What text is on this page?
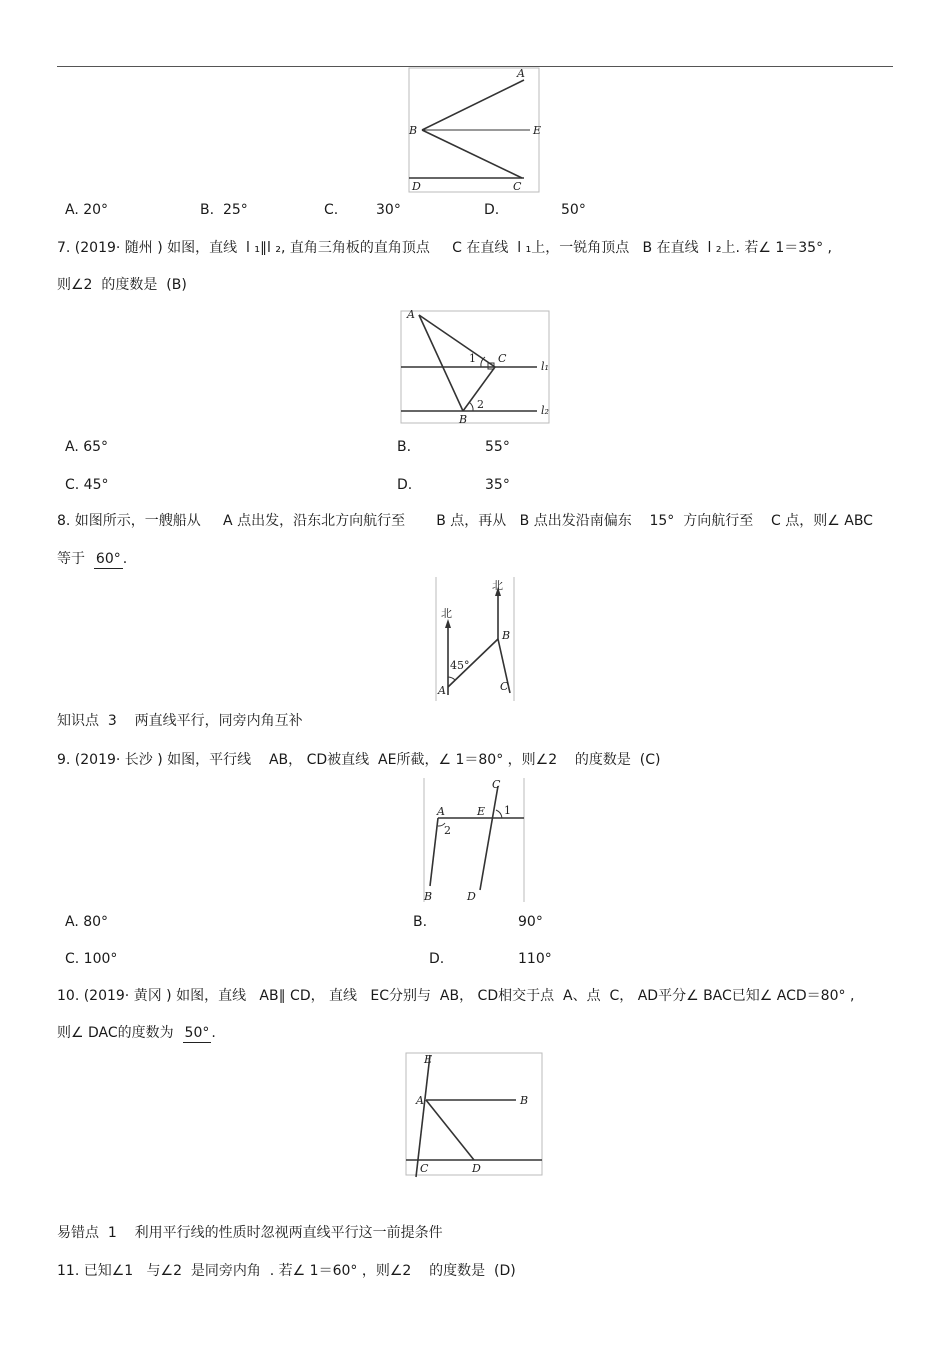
A
B	E
D	C
A. 20°	B.  25°	C.	30°	D.	50°
7. (2019· 随州 ) 如图，直线  l ₁∥l ₂, 直角三角板的直角顶点     C 在直线  l ₁上，一锐角顶点   B 在直线  l ₂上. 若∠ 1＝35° ,
则∠2  的度数是  (B)
A
C
B
1
2
l₁
l₂
A. 65°	B.	55°
C. 45°	D.	35°
8. 如图所示，一艘船从     A 点出发，沿东北方向航行至       B 点，再从   B 点出发沿南偏东    15°  方向航行至    C 点，则∠ ABC
等于  60° .
北
北
B
45°
A	C
知识点  3    两直线平行，同旁内角互补
9. (2019· 长沙 ) 如图，平行线    AB， CD被直线  AE所截，∠ 1＝80° ，则∠2    的度数是  (C)
C
A	E 1
2
B	D
A. 80°	B.	90°
C. 100°	D.	110°
10. (2019· 黄冈 ) 如图，直线   AB∥ CD， 直线   EC分别与  AB， CD相交于点  A、点  C， AD平分∠ BAC已知∠ ACD＝80° ,
则∠ DAC的度数为  50° .
E
A	B
C	D
易错点  1    利用平行线的性质时忽视两直线平行这一前提条件
11. 已知∠1   与∠2  是同旁内角  . 若∠ 1＝60° ，则∠2    的度数是  (D)
